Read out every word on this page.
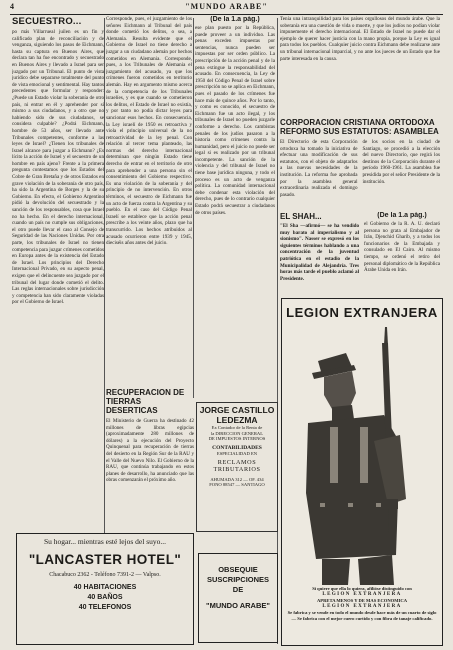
4	"MUNDO ARABE"
SECUESTRO...

po más Villarrueal juilen es un fin y calificado plan de reconciliación y de venganza, siguiendo los pasos de Eichmann, hasta su captura en Buenos Aires, que declara tan ha fue encontrado y secuestrado en Buenos Aires y llevado a Israel para ser juzgado por un Tribunal. El punto de vista jurídico debe separarse totalmente del punto de vista emocional y sentimental. Hay tantos precedentes que formular y responder: ¿Puede un Estado violar la soberanía de otro país, ni entrar en él y aprehender por sí mismo a sus ciudadanos, y a otro que no habiendo sido de sus ciudadanos, se considera culpable? ¿Podrá Eichmann, hombre de 53 años, ser llevado ante Tribunales competentes, conforme a las leyes de Israel? ¿Tienen los tribunales de Israel alcance para juzgar a Eichmann? ¿Es lícito la acción de Israel y el secuestro de un hombre en país ajeno? Frente a la primera pregunta contestamos que los Estados del Cobre de Gran Bretaña y de otros Estados en grave violación de la soberanía de otro país, ha sido la Argentina de Borges y la de su Gobierno. En efecto, el Gobierno Argentino pidió la devolución del secuestrado y la sanción de los responsables, cosa que Israel no ha hecho. En el derecho internacional, cuando un país no cumple sus obligaciones, el otro puede llevar el caso al Consejo de Seguridad de las Naciones Unidas. Por otra parte, los tribunales de Israel no tienen competencia para juzgar crímenes cometidos en Europa antes de la existencia del Estado de Israel. Los principios del Derecho Internacional Privado, en su aspecto penal, exigen que el delincuente sea juzgado por el tribunal del lugar donde cometió el delito. Las reglas internacionales sobre jurisdicción y competencia han sido claramente violadas por el Gobierno de Israel.

Corresponde, pues, el juzgamiento de los señores Eichmann al Tribunal del país donde cometió los delitos, o sea, a Alemania. Resulta evidente que el Gobierno de Israel no tiene derecho a juzgar a un ciudadano alemán por hechos cometidos en Alemania. Corresponde, pues, a los Tribunales de Alemania el juzgamiento del acusado, ya que los crímenes fueron cometidos en territorio alemán. Hay en argumento mismo acerca de la competencia de los Tribunales israelíes, y es que cuando se cometieron los delitos, el Estado de Israel no existía, y por tanto no podía dictar leyes para sancionar esos hechos. En consecuencia, la Ley israelí de 1950 es retroactiva y viola el principio universal de la no retroactividad de la ley penal. Con relación al tercer tema planteado, las normas del derecho internacional determinan que ningún Estado tiene derecho de entrar en el territorio de otro para aprehender a una persona sin el consentimiento del Gobierno respectivo. Es una violación de la soberanía y del principio de no intervención. En otros términos, el secuestro de Eichmann fue un acto de fuerza contra la Argentina y su pueblo. En el caso del Código Penal Israelí se establece que la acción penal prescribe a los veinte años, plazo que ha transcurrido. Los hechos atribuidos al acusado ocurrieron entre 1939 y 1945, dieciséis años antes del juicio.

(De la 1.a pág.)

ese plan puesto por la República, puede proveer a un individuo. Las penas exceden impuestas por sentencias, nunca pueden ser impuestas por ser orden público. La prescripción de la acción penal y de la pena extingue la responsabilidad del acusado. En consecuencia, la Ley de 1950 del Código Penal de Israel sobre prescripción no se aplica en Eichmann, pues el pasado de los crímenes fue hace más de quince años. Por lo tanto, y como es conocido, el secuestro de Eichmann fue un acto ilegal, y los tribunales de Israel no pueden juzgarle conforme a derecho. Los cambistas penales de los judíos pasaron a la historia como crímenes contra la humanidad, pero el juicio no puede ser legal si es realizado por un tribunal incompetente. La sanción de la violencia y del tribunal de Israel no tiene base jurídica ninguna, y todo el proceso es un acto de venganza política. La comunidad internacional debe condenar esta violación del derecho, pues de lo contrario cualquier Estado podrá secuestrar a ciudadanos de otros países.

RECUPERACION DE TIERRAS DESERTICAS

El Ministerio de Guerra ha destinado 42 millones de libras egipcias (aproximadamente 280 millones de dólares) a la ejecución del Proyecto Quinquenal para recuperación de tierras del desierto en la Región Sur de la RAU y el Valle del Nuevo Nilo. El Gobierno de la RAU, que continúa trabajando en estos planes de desarrollo, ha anunciado que las obras comenzarán el próximo año.

JORGE CASTILLO LEDEZMA
Ex Contador de la Renta de
la DIRECCION GENERAL
DE IMPUESTOS INTERNOS
CONTABILIDADES
ESPECIALIDAD EN
RECLAMOS
TRIBUTARIOS
AHUMADA 312 — OF. 434
FONO 88547 — SANTIAGO

Tenía una intranquilidad para los países orgullosos del mundo árabe. Que la soberanía era una cuestión de vida o muerte, y que los judíos no podían violar impunemente el derecho internacional. El Estado de Israel no puede dar el ejemplo de querer hacer justicia con la mano propia, porque la Ley es igual para todos los pueblos. Cualquier juicio contra Eichmann debe realizarse ante un tribunal internacional imparcial, y no ante los jueces de un Estado que fue parte interesada en la causa.

CORPORACION CRISTIANA ORTODOXA REFORMO SUS ESTATUTOS: ASAMBLEA

El Directorio de esta Corporación ortodoxa ha tomado la iniciativa de efectuar una modificación de sus estatutos, con el objeto de adaptarlos a las nuevas necesidades de la institución. La reforma fue aprobada por la asamblea general extraordinaria realizada el domingo pasado.

de los socios en la ciudad de Santiago, se procedió a la elección del nuevo Directorio, que regirá los destinos de la Corporación durante el período 1960-1961. La asamblea fue presidida por el señor Presidente de la institución.

EL SHAH...

"El Sha —afirmó— se ha vendido muy barato al imperialismo y al sionismo". Nasser se expresó en los siguientes términos hablando a una concentración de la juventud patriótica en el estadio de la Municipalidad de Alejandría. Tres horas más tarde el pueblo aclamó al Presidente.

(De la 1.a pág.)

el Gobierno de la R. A. U. declaró persona no grata al Embajador de Irán, Djenchid Gharib, y a todos los funcionarios de la Embajada y consulado en El Cairo. Al mismo tiempo, se ordenó el retiro del personal diplomático de la República Árabe Unida en Irán.

LEGION EXTRANJERA
Si quiere que ella lo quiera, afilióse distinguido con
LEGION EXTRANJERA
APRETA MENOS Y DE MAS ECONOMICA
LEGION EXTRANJERA
Se fabrica y se vende en todo el mundo desde hace más de un cuarto de siglo — Se fabrica con el mejor cuero curtido y con fibra de tanaje calificado.
Su hogar... mientras esté lejos del suyo...
"LANCASTER HOTEL"
Chacabuco 2362 - Teléfono 7391-2 — Valpso.
40 HABITACIONES
40 BAÑOS
40 TELEFONOS
OBSEQUIE
SUSCRIPCIONES
DE
"MUNDO ARABE"
